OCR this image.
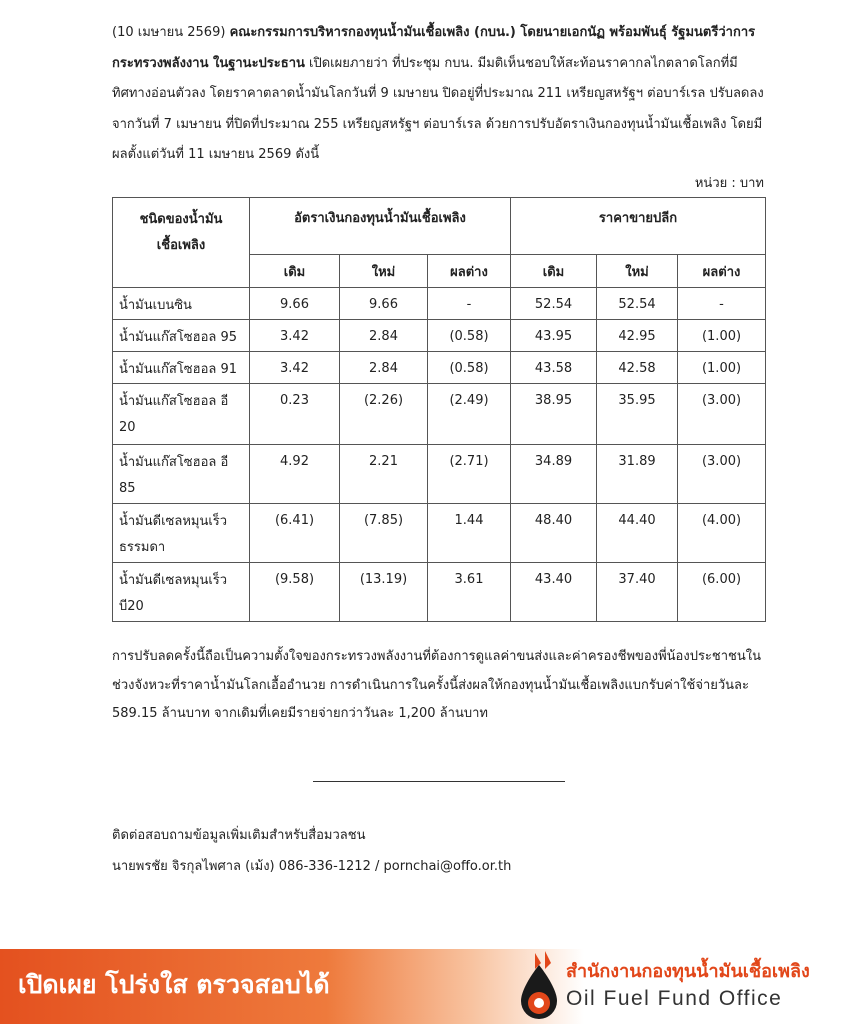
(10 เมษายน 2569) คณะกรรมการบริหารกองทุนน้ำมันเชื้อเพลิง (กบน.) โดยนายเอกนัฏ พร้อมพันธุ์ รัฐมนตรีว่าการกระทรวงพลังงาน ในฐานะประธาน เปิดเผยภายว่า ที่ประชุม กบน. มีมติเห็นชอบให้สะท้อนราคากลไกตลาดโลกที่มีทิศทางอ่อนตัวลง โดยราคาตลาดน้ำมันโลกวันที่ 9 เมษายน ปิดอยู่ที่ประมาณ 211 เหรียญสหรัฐฯ ต่อบาร์เรล ปรับลดลงจากวันที่ 7 เมษายน ที่ปิดที่ประมาณ 255 เหรียญสหรัฐฯ ต่อบาร์เรล ด้วยการปรับอัตราเงินกองทุนน้ำมันเชื้อเพลิง โดยมีผลตั้งแต่วันที่ 11 เมษายน 2569 ดังนี้
หน่วย : บาท
ชนิดของน้ำมันเชื้อเพลิง	อัตราเงินกองทุนน้ำมันเชื้อเพลิง			ราคาขายปลีก		
	เดิม	ใหม่	ผลต่าง	เดิม	ใหม่	ผลต่าง
น้ำมันเบนซิน	9.66	9.66	-	52.54	52.54	-
น้ำมันแก๊สโซฮอล 95	3.42	2.84	(0.58)	43.95	42.95	(1.00)
น้ำมันแก๊สโซฮอล 91	3.42	2.84	(0.58)	43.58	42.58	(1.00)
น้ำมันแก๊สโซฮอล อี 20	0.23	(2.26)	(2.49)	38.95	35.95	(3.00)
น้ำมันแก๊สโซฮอล อี 85	4.92	2.21	(2.71)	34.89	31.89	(3.00)
น้ำมันดีเซลหมุนเร็วธรรมดา	(6.41)	(7.85)	1.44	48.40	44.40	(4.00)
น้ำมันดีเซลหมุนเร็วบี20	(9.58)	(13.19)	3.61	43.40	37.40	(6.00)
การปรับลดครั้งนี้ถือเป็นความตั้งใจของกระทรวงพลังงานที่ต้องการดูแลค่าขนส่งและค่าครองชีพของพี่น้องประชาชนในช่วงจังหวะที่ราคาน้ำมันโลกเอื้ออำนวย การดำเนินการในครั้งนี้ส่งผลให้กองทุนน้ำมันเชื้อเพลิงแบกรับค่าใช้จ่ายวันละ 589.15 ล้านบาท จากเดิมที่เคยมีรายจ่ายกว่าวันละ 1,200 ล้านบาท
ติดต่อสอบถามข้อมูลเพิ่มเติมสำหรับสื่อมวลชน
นายพรชัย จิรกุลไพศาล (เม้ง) 086-336-1212 / pornchai@offo.or.th
เปิดเผย โปร่งใส ตรวจสอบได้	สำนักงานกองทุนน้ำมันเชื้อเพลิง
Oil Fuel Fund Office
